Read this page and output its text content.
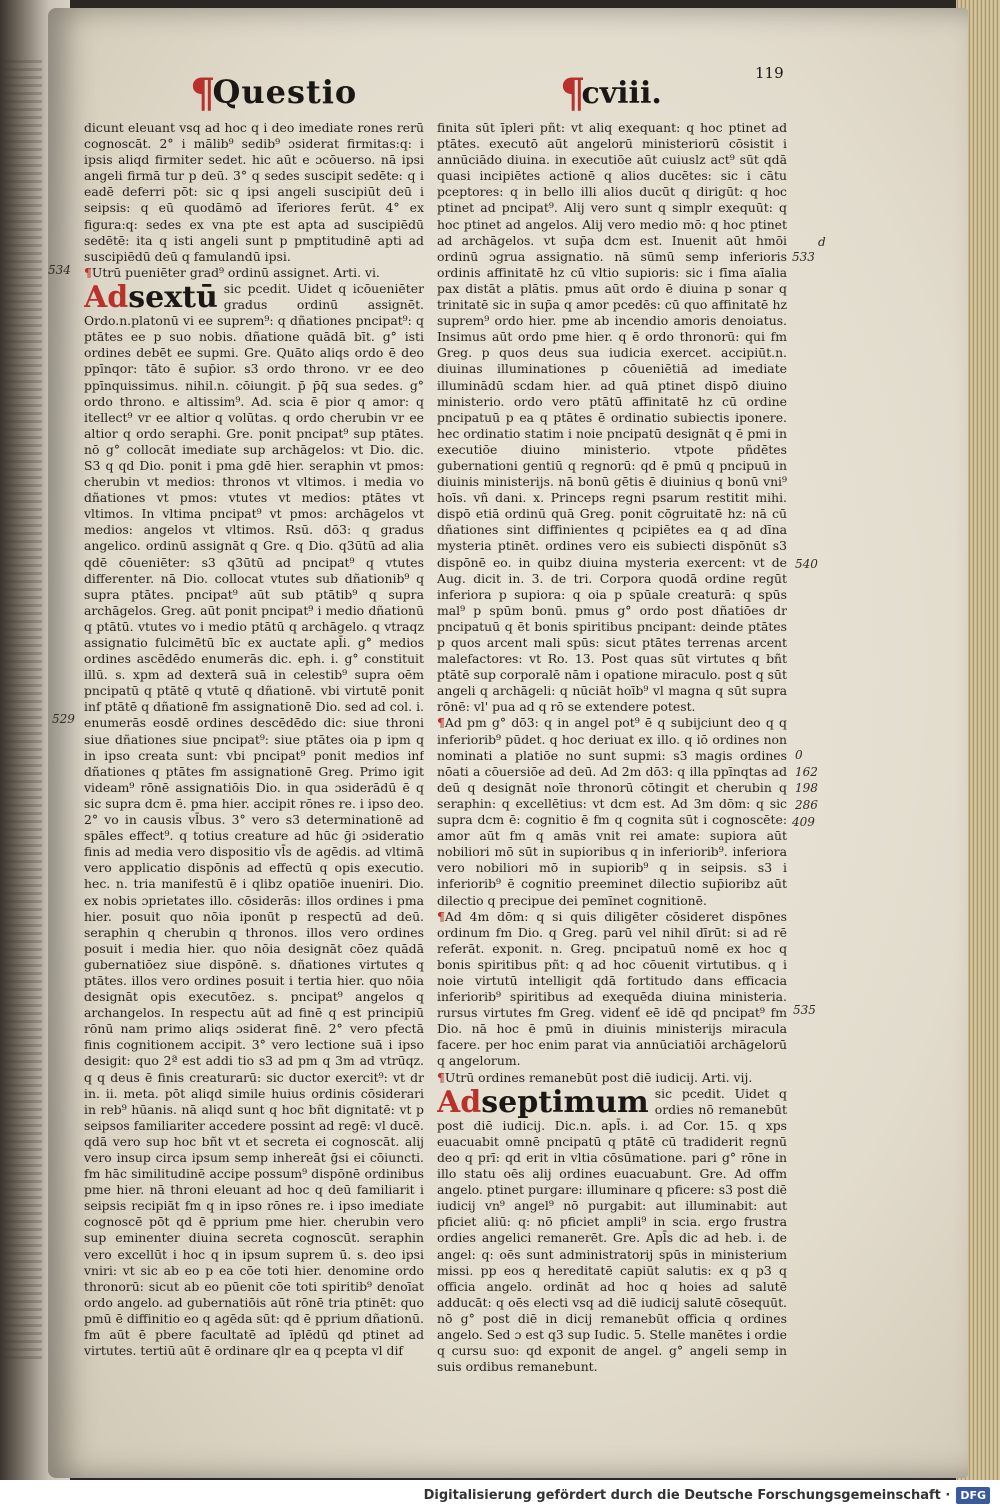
¶Questio	¶cviii.
119
534
529
d
533
540
0
162
198
286
409
535

dicunt eleuant vsq ad hoc q i deo imediate rones rerū cognoscāt. 2° i mālib⁹ sedib⁹ ɔsiderat firmitas:q: i ipsis aliqd firmiter sedet. hic aūt e ɔcōuerso. nā ipsi angeli firmā tur p deū. 3° q sedes suscipit sedēte: q i eadē deferri pōt: sic q ipsi angeli suscipiūt deū i seipsis: q eū quodāmō ad īferiores ferūt. 4° ex figura:q: sedes ex vna pte est apta ad suscipiēdū sedētē: ita q isti angeli sunt p pmptitudinē apti ad suscipiēdū deū q famulandū ipsi.

¶Utrū pueniēter grad⁹ ordinū assignet. Arti. vi.

Adsextū sic pcedit. Uidet q icōueniēter gradus ordinū assignēt. Ordo.n.platonū vi ee suprem⁹: q dñationes pncipat⁹: q ptātes ee p suo nobis. dñatione quādā bīt. g° isti ordines debēt ee supmi. Gre. Quāto aliqs ordo ē deo ppīnqor: tāto ē sup̄ior. s3 ordo throno. vr ee deo ppīnquissimus. nihil.n. cōiungit. p̄ p̄q̄ sua sedes. g° ordo throno. e altissim⁹. Ad. scia ē pior q amor: q itellect⁹ vr ee altior q volūtas. q ordo cherubin vr ee altior q ordo seraphi. Gre. ponit pncipat⁹ sup ptātes. nō g° collocāt imediate sup archāgelos: vt Dio. dic. S3 q qd Dio. ponit i pma gdē hier. seraphin vt pmos: cherubin vt medios: thronos vt vltimos. i media vo dñationes vt pmos: vtutes vt medios: ptātes vt vltimos. In vltima pncipat⁹ vt pmos: archāgelos vt medios: angelos vt vltimos. Rsū. dō3: q gradus angelico. ordinū assignāt q Gre. q Dio. q3ūtū ad alia qdē cōueniēter: s3 q3ūtū ad pncipat⁹ q vtutes differenter. nā Dio. collocat vtutes sub dñationib⁹ q supra ptātes. pncipat⁹ aūt sub ptātib⁹ q supra archāgelos. Greg. aūt ponit pncipat⁹ i medio dñationū q ptātū. vtutes vo i medio ptātū q archāgelo. q vtraqz assignatio fulcimētū bīc ex auctate apl̄i. g° medios ordines ascēdēdo enumerās dic. eph. i. g° constituit illū. s. xpm ad dexterā suā in celestib⁹ supra oēm pncipatū q ptātē q vtutē q dñationē. vbi virtutē ponit inf ptātē q dñationē fm assignationē Dio. sed ad col. i. enumerās eosdē ordines descēdēdo dic: siue throni siue dñationes siue pncipat⁹: siue ptātes oia p ipm q in ipso creata sunt: vbi pncipat⁹ ponit medios inf dñationes q ptātes fm assignationē Greg. Primo igit videam⁹ rōnē assignatiōis Dio. in qua ɔsiderādū ē q sic supra dcm ē. pma hier. accipit rōnes re. i ipso deo. 2° vo in causis vl̄bus. 3° vero s3 determinationē ad spāles effect⁹. q totius creature ad hūc ḡi ɔsideratio finis ad media vero dispositio vl̄s de agēdis. ad vltimā vero applicatio dispōnis ad effectū q opis executio. hec. n. tria manifestū ē i qlibz opatiōe inueniri. Dio. ex nobis ɔprietates illo. cōsiderās: illos ordines i pma hier. posuit quo nōia iponūt p respectū ad deū. seraphin q cherubin q thronos. illos vero ordines posuit i media hier. quo nōia designāt cōez quādā gubernatiōez siue dispōnē. s. dñationes virtutes q ptātes. illos vero ordines posuit i tertia hier. quo nōia designāt opis executōez. s. pncipat⁹ angelos q archangelos. In respectu aūt ad finē q est principiū rōnū nam primo aliqs ɔsiderat finē. 2° vero pfectā finis cognitionem accipit. 3° vero lectione suā i ipso desigit: quo 2ª est addi tio s3 ad pm q 3m ad vtrūqz. q q deus ē finis creaturarū: sic ductor exercit⁹: vt dr in. ii. meta. pōt aliqd simile huius ordinis cōsiderari in reb⁹ hūanis. nā aliqd sunt q hoc bñt dignitatē: vt p seipsos familiariter accedere possint ad regē: vl ducē. qdā vero sup hoc bñt vt et secreta ei cognoscāt. alij vero insup circa ipsum semp inhereāt ḡsi ei cōiuncti. fm hāc similitudinē accipe possum⁹ dispōnē ordinibus pme hier. nā throni eleuant ad hoc q deū familiarit i seipsis recipiāt fm q in ipso rōnes re. i ipso imediate cognoscē pōt qd ē pprium pme hier. cherubin vero sup eminenter diuina secreta cognoscūt. seraphin vero excellūt i hoc q in ipsum suprem ū. s. deo ipsi vniri: vt sic ab eo p ea cōe toti hier. denomine ordo thronorū: sicut ab eo pūenit cōe toti spiritib⁹ denoīat ordo angelo. ad gubernatiōis aūt rōnē tria ptinēt: quo pmū ē diffinitio eo q agēda sūt: qd ē pprium dñationū. fm aūt ē pbere facultatē ad īplēdū qd ptinet ad virtutes. tertiū aūt ē ordinare qlr ea q pcepta vl dif

finita sūt īpleri pñt: vt aliq exequant: q hoc ptinet ad ptātes. executō aūt angelorū ministeriorū cōsistit i annūciādo diuina. in executiōe aūt cuiuslz act⁹ sūt qdā quasi incipiētes actionē q alios ducētes: sic i cātu pceptores: q in bello illi alios ducūt q dirigūt: q hoc ptinet ad pncipat⁹. Alij vero sunt q simplr exequūt: q hoc ptinet ad angelos. Alij vero medio mō: q hoc ptinet ad archāgelos. vt sup̄a dcm est. Inuenit aūt hmōi ordinū ɔgrua assignatio. nā sūmū semp inferioris ordinis affinitatē hz cū vltio supioris: sic i fīma aīalia pax distāt a plātis. pmus aūt ordo ē diuina p sonar q trinitatē sic in sup̄a q amor pcedēs: cū quo affinitatē hz suprem⁹ ordo hier. pme ab incendio amoris denoiatus. Insimus aūt ordo pme hier. q ē ordo thronorū: qui fm Greg. p quos deus sua iudicia exercet. accipiūt.n. diuinas illuminationes p cōueniētiā ad imediate illuminādū scdam hier. ad quā ptinet dispō diuino ministerio. ordo vero ptātū affinitatē hz cū ordine pncipatuū p ea q ptātes ē ordinatio subiectis iponere. hec ordinatio statim i noie pncipatū designāt q ē pmi in executiōe diuino ministerio. vtpote pñdētes gubernationi gentiū q regnorū: qd ē pmū q pncipuū in diuinis ministerijs. nā bonū gētis ē diuinius q bonū vni⁹ hoīs. vñ dani. x. Princeps regni psarum restitit mihi. dispō etiā ordinū quā Greg. ponit cōgruitatē hz: nā cū dñationes sint diffinientes q pcipiētes ea q ad dīna mysteria ptinēt. ordines vero eis subiecti dispōnūt s3 dispōnē eo. in quibz diuina mysteria exercent: vt de Aug. dicit in. 3. de tri. Corpora quodā ordine regūt inferiora p supiora: q oia p spūale creaturā: q spūs mal⁹ p spūm bonū. pmus g° ordo post dñatiōes dr pncipatuū q ēt bonis spiritibus pncipant: deinde ptātes p quos arcent mali spūs: sicut ptātes terrenas arcent malefactores: vt Ro. 13. Post quas sūt virtutes q bñt ptātē sup corporalē nām i opatione miraculo. post q sūt angeli q archāgeli: q nūciāt hoīb⁹ vl magna q sūt supra rōnē: vl' pua ad q rō se extendere potest.

¶Ad pm g° dō3: q in angel pot⁹ ē q subijciunt deo q q inferiorib⁹ pūdet. q hoc deriuat ex illo. q iō ordines non nominati a platiōe no sunt supmi: s3 magis ordines nōati a cōuersiōe ad deū. Ad 2m dō3: q illa ppīnqtas ad deū q designāt noīe thronorū cōtingit et cherubin q seraphin: q excellētius: vt dcm est. Ad 3m dōm: q sic supra dcm ē: cognitio ē fm q cognita sūt i cognoscēte: amor aūt fm q amās vnit rei amate: supiora aūt nobiliori mō sūt in supioribus q in inferiorib⁹. inferiora vero nobiliori mō in supiorib⁹ q in seipsis. s3 i inferiorib⁹ ē cognitio preeminet dilectio sup̄ioribz aūt dilectio q precipue dei pemīnet cognitionē.

¶Ad 4m dōm: q si quis diligēter cōsideret dispōnes ordinum fm Dio. q Greg. parū vel nihil dīrūt: si ad rē referāt. exponit. n. Greg. pncipatuū nomē ex hoc q bonis spiritibus pñt: q ad hoc cōuenit virtutibus. q i noie virtutū intelligit qdā fortitudo dans efficacia inferiorib⁹ spiritibus ad exequēda diuina ministeria. rursus virtutes fm Greg. videnť eē idē qd pncipat⁹ fm Dio. nā hoc ē pmū in diuinis ministerijs miracula facere. per hoc enim parat via annūciatiōi archāgelorū q angelorum.

¶Utrū ordines remanebūt post diē iudicij. Arti. vij.

Adseptimum sic pcedit. Uidet q ordies nō remanebūt post diē iudicij. Dic.n. apl̄s. i. ad Cor. 15. q xps euacuabit omnē pncipatū q ptātē cū tradiderit regnū deo q prī: qd erit in vltia cōsūmatione. pari g° rōne in illo statu oēs alij ordines euacuabunt. Gre. Ad offm angelo. ptinet purgare: illuminare q pficere: s3 post diē iudicij vn⁹ angel⁹ nō purgabit: aut illuminabit: aut pficiet aliū: q: nō pficiet ampli⁹ in scia. ergo frustra ordies angelici remanerēt. Gre. Apl̄s dic ad heb. i. de angel: q: oēs sunt administratorij spūs in ministerium missi. pp eos q hereditatē capiūt salutis: ex q p3 q officia angelo. ordināt ad hoc q hoies ad salutē adducāt: q oēs electi vsq ad diē iudicij salutē cōsequūt. nō g° post diē in dicij remanebūt officia q ordines angelo. Sed ɔ est q3 sup Iudic. 5. Stelle manētes i ordie q cursu suo: qd exponit de angel. g° angeli semp in suis ordibus remanebunt.

Digitalisierung gefördert durch die Deutsche Forschungsgemeinschaft · DFG
